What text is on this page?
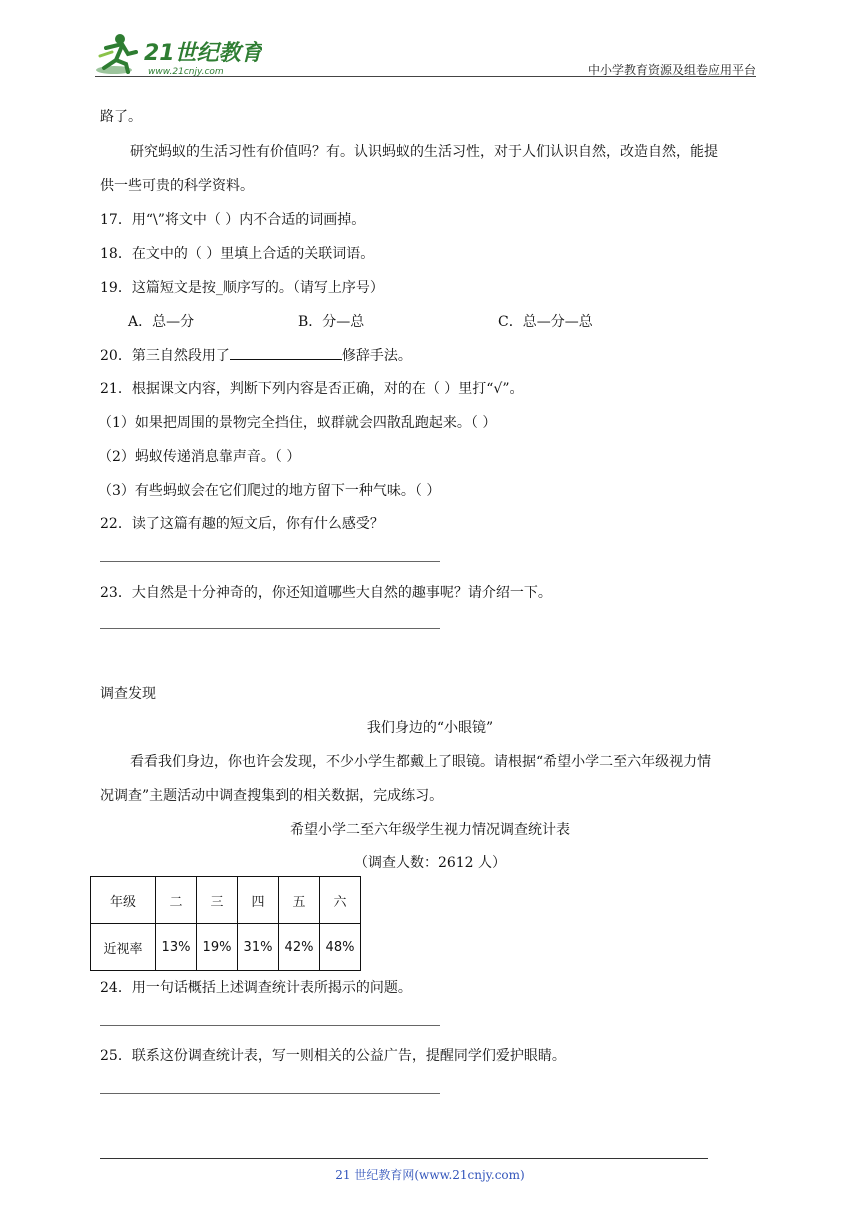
21世纪教育
www.21cnjy.com	中小学教育资源及组卷应用平台
路了。
研究蚂蚁的生活习性有价值吗？有。认识蚂蚁的生活习性，对于人们认识自然，改造自然，能提
供一些可贵的科学资料。
17．用“\”将文中（ ）内不合适的词画掉。
18．在文中的（ ）里填上合适的关联词语。
19．这篇短文是按_顺序写的。（请写上序号）
A．总—分	B．分—总	C．总—分—总
20．第三自然段用了	修辞手法。
21．根据课文内容，判断下列内容是否正确，对的在（ ）里打“√”。
（1）如果把周围的景物完全挡住，蚁群就会四散乱跑起来。（ ）
（2）蚂蚁传递消息靠声音。（ ）
（3）有些蚂蚁会在它们爬过的地方留下一种气味。（ ）
22．读了这篇有趣的短文后，你有什么感受？
23．大自然是十分神奇的，你还知道哪些大自然的趣事呢？请介绍一下。
调查发现
我们身边的“小眼镜”
看看我们身边，你也许会发现，不少小学生都戴上了眼镜。请根据“希望小学二至六年级视力情
况调查”主题活动中调查搜集到的相关数据，完成练习。
希望小学二至六年级学生视力情况调查统计表
（调查人数：2612 人）
年级	二	三	四	五	六
近视率	13%	19%	31%	42%	48%
24．用一句话概括上述调查统计表所揭示的问题。
25．联系这份调查统计表，写一则相关的公益广告，提醒同学们爱护眼睛。
21 世纪教育网(www.21cnjy.com)
